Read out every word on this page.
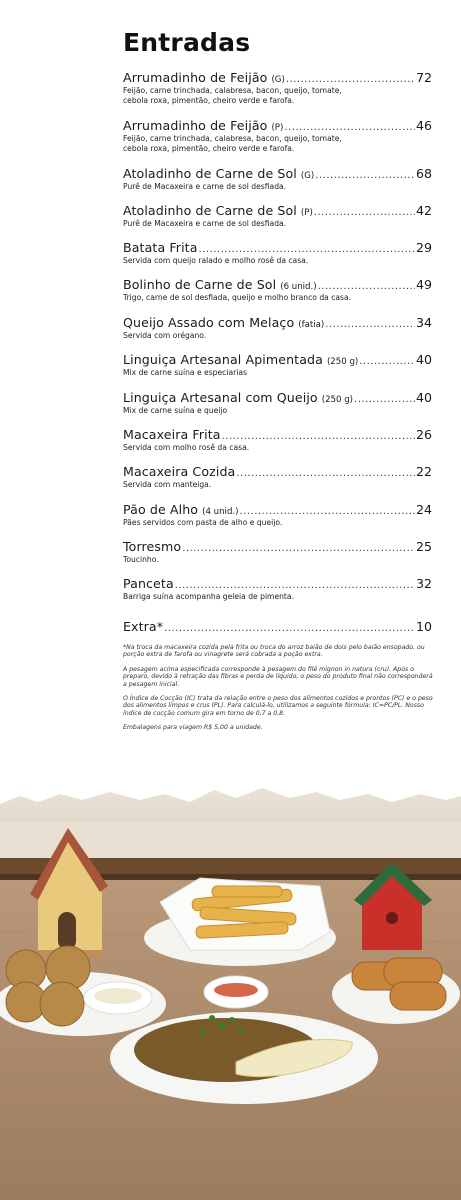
Entradas
Arrumadinho de Feijão (G) .....	72
Feijão, carne trinchada, calabresa, bacon, queijo, tomate,
cebola roxa, pimentão, cheiro verde e farofa.
Arrumadinho de Feijão (P) .....	46
Feijão, carne trinchada, calabresa, bacon, queijo, tomate,
cebola roxa, pimentão, cheiro verde e farofa.
Atoladinho de Carne de Sol (G) .....	68
Purê de Macaxeira e carne de sol desfiada.
Atoladinho de Carne de Sol (P) .....	42
Purê de Macaxeira e carne de sol desfiada.
Batata Frita .....	29
Servida com queijo ralado e molho rosê da casa.
Bolinho de Carne de Sol (6 unid.) .....	49
Trigo, carne de sol desfiada, queijo e molho branco da casa.
Queijo Assado com Melaço (fatia) .....	34
Servida com orégano.
Linguiça Artesanal Apimentada (250 g) .....	40
Mix de carne suína e especiarias
Linguiça Artesanal com Queijo (250 g) .....	40
Mix de carne suína e queijo
Macaxeira Frita .....	26
Servida com molho rosê da casa.
Macaxeira Cozida .....	22
Servida com manteiga.
Pão de Alho (4 unid.) .....	24
Pães servidos com pasta de alho e queijo.
Torresmo .....	25
Toucinho.
Panceta .....	32
Barriga suína acompanha geleia de pimenta.
Extra* .....	10

*Na troca da macaxeira cozida pela frita ou troca do arroz baião de dois pelo baião ensopado, ou porção extra de farofa ou vinagrete será cobrada a poção extra.

A pesagem acima especificada corresponde à pesagem do filé mignon in natura (cru). Após o preparo, devido à retração das fibras e perda de líquido, o peso do produto final não corresponderá a pesagem inicial.

O Índice de Cocção (IC) trata da relação entre o peso dos alimentos cozidos e prontos (PC) e o peso dos alimentos limpos e crus (PL). Para calculá-lo, utilizamos a seguinte fórmula: IC=PC/PL. Nosso índice de cocção comum gira em torno de 0,7 a 0,8.

Embalagens para viagem R$ 5,00 a unidade.
